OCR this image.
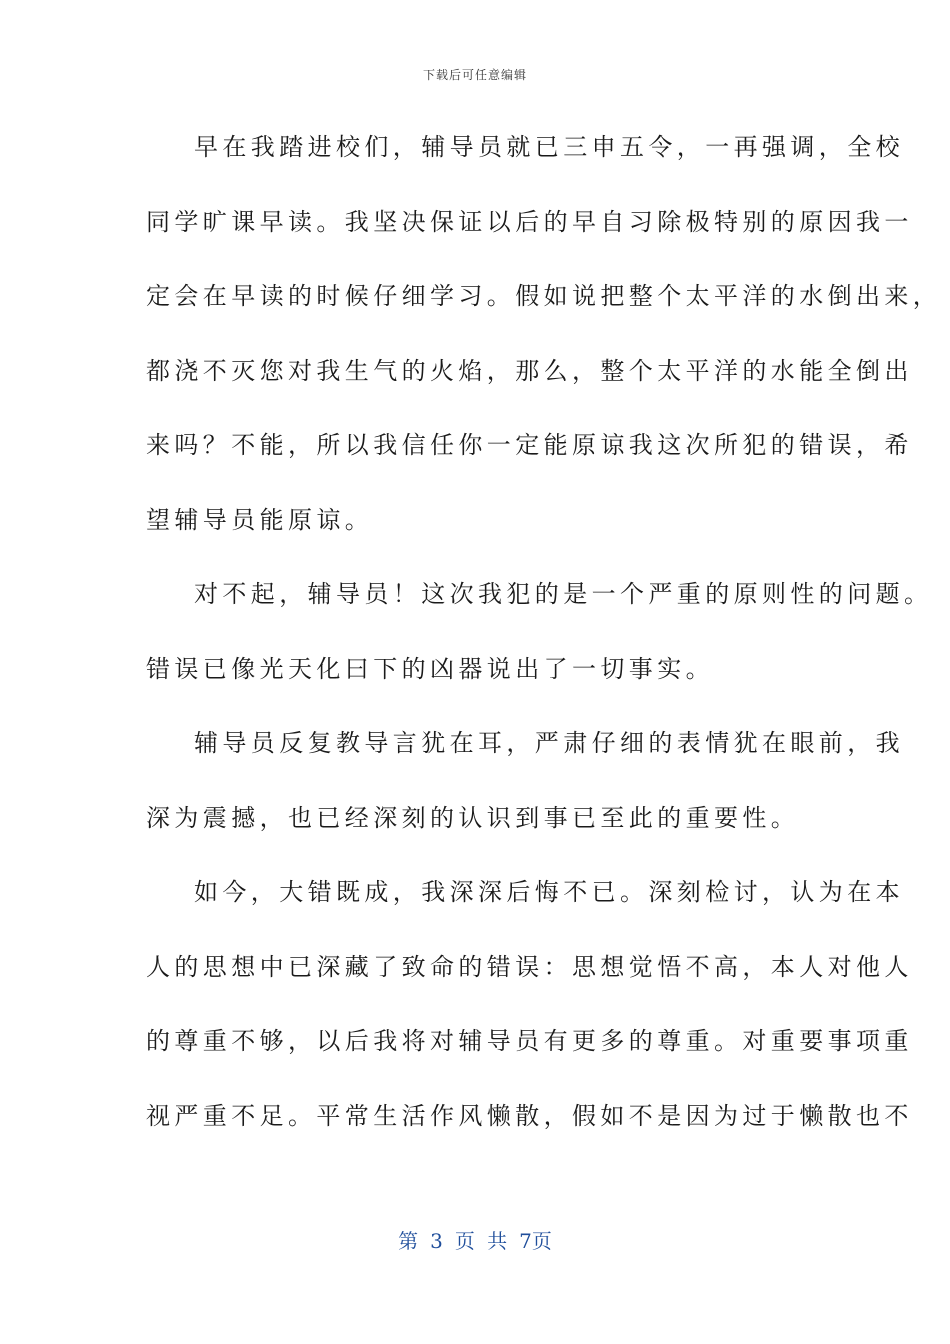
下载后可任意编辑
早在我踏进校们，辅导员就已三申五令，一再强调，全校
同学旷课早读。我坚决保证以后的早自习除极特别的原因我一
定会在早读的时候仔细学习。假如说把整个太平洋的水倒出来，
都浇不灭您对我生气的火焰，那么，整个太平洋的水能全倒出
来吗？不能，所以我信任你一定能原谅我这次所犯的错误，希
望辅导员能原谅。
对不起，辅导员！这次我犯的是一个严重的原则性的问题。
错误已像光天化曰下的凶器说出了一切事实。
辅导员反复教导言犹在耳，严肃仔细的表情犹在眼前，我
深为震撼，也已经深刻的认识到事已至此的重要性。
如今，大错既成，我深深后悔不已。深刻检讨，认为在本
人的思想中已深藏了致命的错误：思想觉悟不高，本人对他人
的尊重不够，以后我将对辅导员有更多的尊重。对重要事项重
视严重不足。平常生活作风懒散，假如不是因为过于懒散也不
第 3 页 共 7页
